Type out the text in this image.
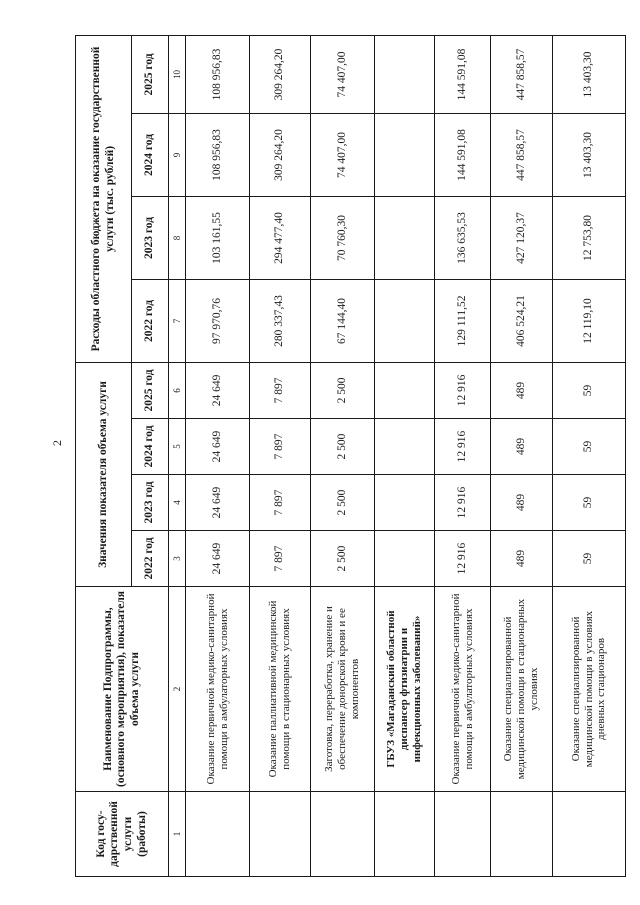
2
Код госу-дарственной услуги (работы)	Наименование Подпрограммы, (основного мероприятия), показателя объема услуги	Значения показателя объема услуги				Расходы областного бюджета на оказание государственной услуги (тыс. рублей)			
		2022 год	2023 год	2024 год	2025 год	2022 год	2023 год	2024 год	2025 год
1	2	3	4	5	6	7	8	9	10
	Оказание первичной медико-санитарной помощи в амбулаторных условиях	24 649	24 649	24 649	24 649	97 970,76	103 161,55	108 956,83	108 956,83
	Оказание паллиативной медицинской помощи в стационарных условиях	7 897	7 897	7 897	7 897	280 337,43	294 477,40	309 264,20	309 264,20
	Заготовка, переработка, хранение и обеспечение донорской крови и ее компонентов	2 500	2 500	2 500	2 500	67 144,40	70 760,30	74 407,00	74 407,00
	ГБУЗ «Магаданский областной диспансер фтизиатрии и инфекционных заболеваний»								
	Оказание первичной медико-санитарной помощи в амбулаторных условиях	12 916	12 916	12 916	12 916	129 111,52	136 635,53	144 591,08	144 591,08
	Оказание специализированной медицинской помощи в стационарных условиях	489	489	489	489	406 524,21	427 120,37	447 858,57	447 858,57
	Оказание специализированной медицинской помощи в условиях дневных стационаров	59	59	59	59	12 119,10	12 753,80	13 403,30	13 403,30
